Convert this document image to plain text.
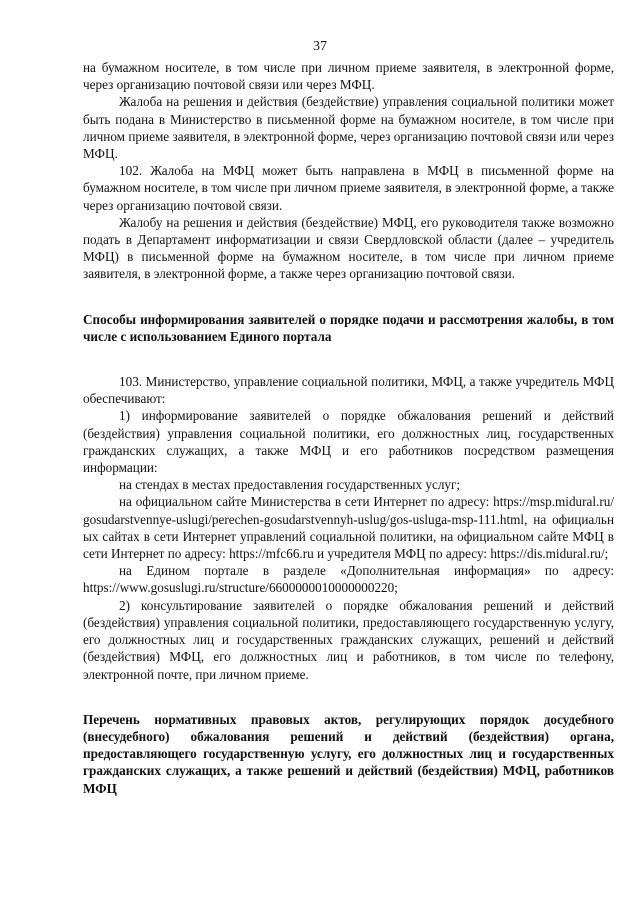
37

на бумажном носителе, в том числе при личном приеме заявителя, в электронной форме, через организацию почтовой связи или через МФЦ.

Жалоба на решения и действия (бездействие) управления социальной политики может быть подана в Министерство в письменной форме на бумажном носителе, в том числе при личном приеме заявителя, в электронной форме, через организацию почтовой связи или через МФЦ.

102. Жалоба на МФЦ может быть направлена в МФЦ в письменной форме на бумажном носителе, в том числе при личном приеме заявителя, в электронной форме, а также через организацию почтовой связи.

Жалобу на решения и действия (бездействие) МФЦ, его руководителя также возможно подать в Департамент информатизации и связи Свердловской области (далее – учредитель МФЦ) в письменной форме на бумажном носителе, в том числе при личном приеме заявителя, в электронной форме, а также через организацию почтовой связи.

Способы информирования заявителей о порядке подачи и рассмотрения жалобы, в том числе с использованием Единого портала

103. Министерство, управление социальной политики, МФЦ, а также учредитель МФЦ обеспечивают:

1) информирование заявителей о порядке обжалования решений и действий (бездействия) управления социальной политики, его должностных лиц, государственных гражданских служащих, а также МФЦ и его работников посредством размещения информации:

на стендах в местах предоставления государственных услуг;

на официальном сайте Министерства в сети Интернет по адресу: https://msp.midural.ru/gosudarstvennye-uslugi/perechen-gosudarstvennyh-uslug/gos-usluga-msp-111.html, на официальных сайтах в сети Интернет управлений социальной политики, на официальном сайте МФЦ в сети Интернет по адресу: https://mfc66.ru и учредителя МФЦ по адресу: https://dis.midural.ru/;

на Едином портале в разделе «Дополнительная информация» по адресу: https://www.gosuslugi.ru/structure/6600000010000000220;

2) консультирование заявителей о порядке обжалования решений и действий (бездействия) управления социальной политики, предоставляющего государственную услугу, его должностных лиц и государственных гражданских служащих, решений и действий (бездействия) МФЦ, его должностных лиц и работников, в том числе по телефону, электронной почте, при личном приеме.

Перечень нормативных правовых актов, регулирующих порядок досудебного (внесудебного) обжалования решений и действий (бездействия) органа, предоставляющего государственную услугу, его должностных лиц и государственных гражданских служащих, а также решений и действий (бездействия) МФЦ, работников МФЦ
